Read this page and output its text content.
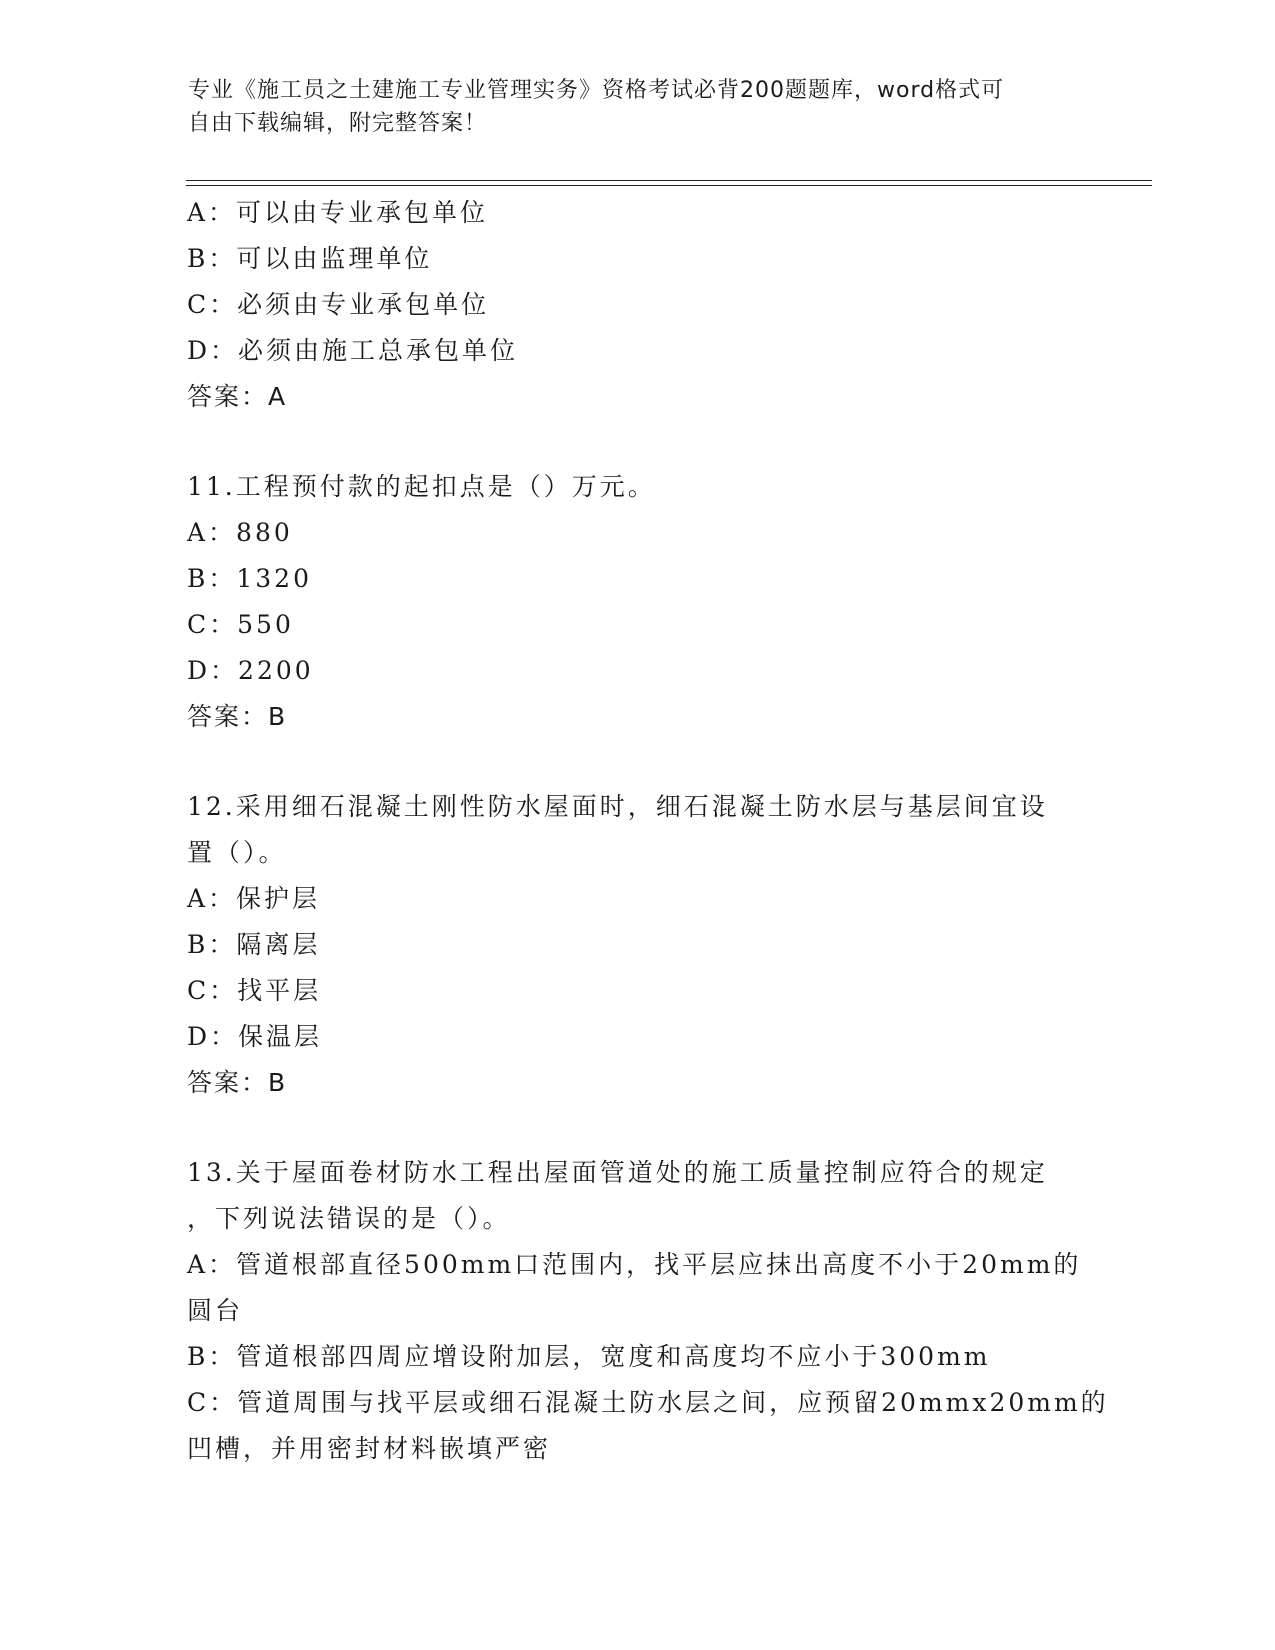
专业《施工员之土建施工专业管理实务》资格考试必背200题题库，word格式可
自由下载编辑，附完整答案！
A：可以由专业承包单位
B：可以由监理单位
C：必须由专业承包单位
D：必须由施工总承包单位
答案：A
11.工程预付款的起扣点是（）万元。
A：880
B：1320
C：550
D：2200
答案：B
12.采用细石混凝土刚性防水屋面时，细石混凝土防水层与基层间宜设
置（）。
A：保护层
B：隔离层
C：找平层
D：保温层
答案：B
13.关于屋面卷材防水工程出屋面管道处的施工质量控制应符合的规定
，下列说法错误的是（）。
A：管道根部直径500mm口范围内，找平层应抹出高度不小于20mm的
圆台
B：管道根部四周应增设附加层，宽度和高度均不应小于300mm
C：管道周围与找平层或细石混凝土防水层之间，应预留20mmx20mm的
凹槽，并用密封材料嵌填严密
